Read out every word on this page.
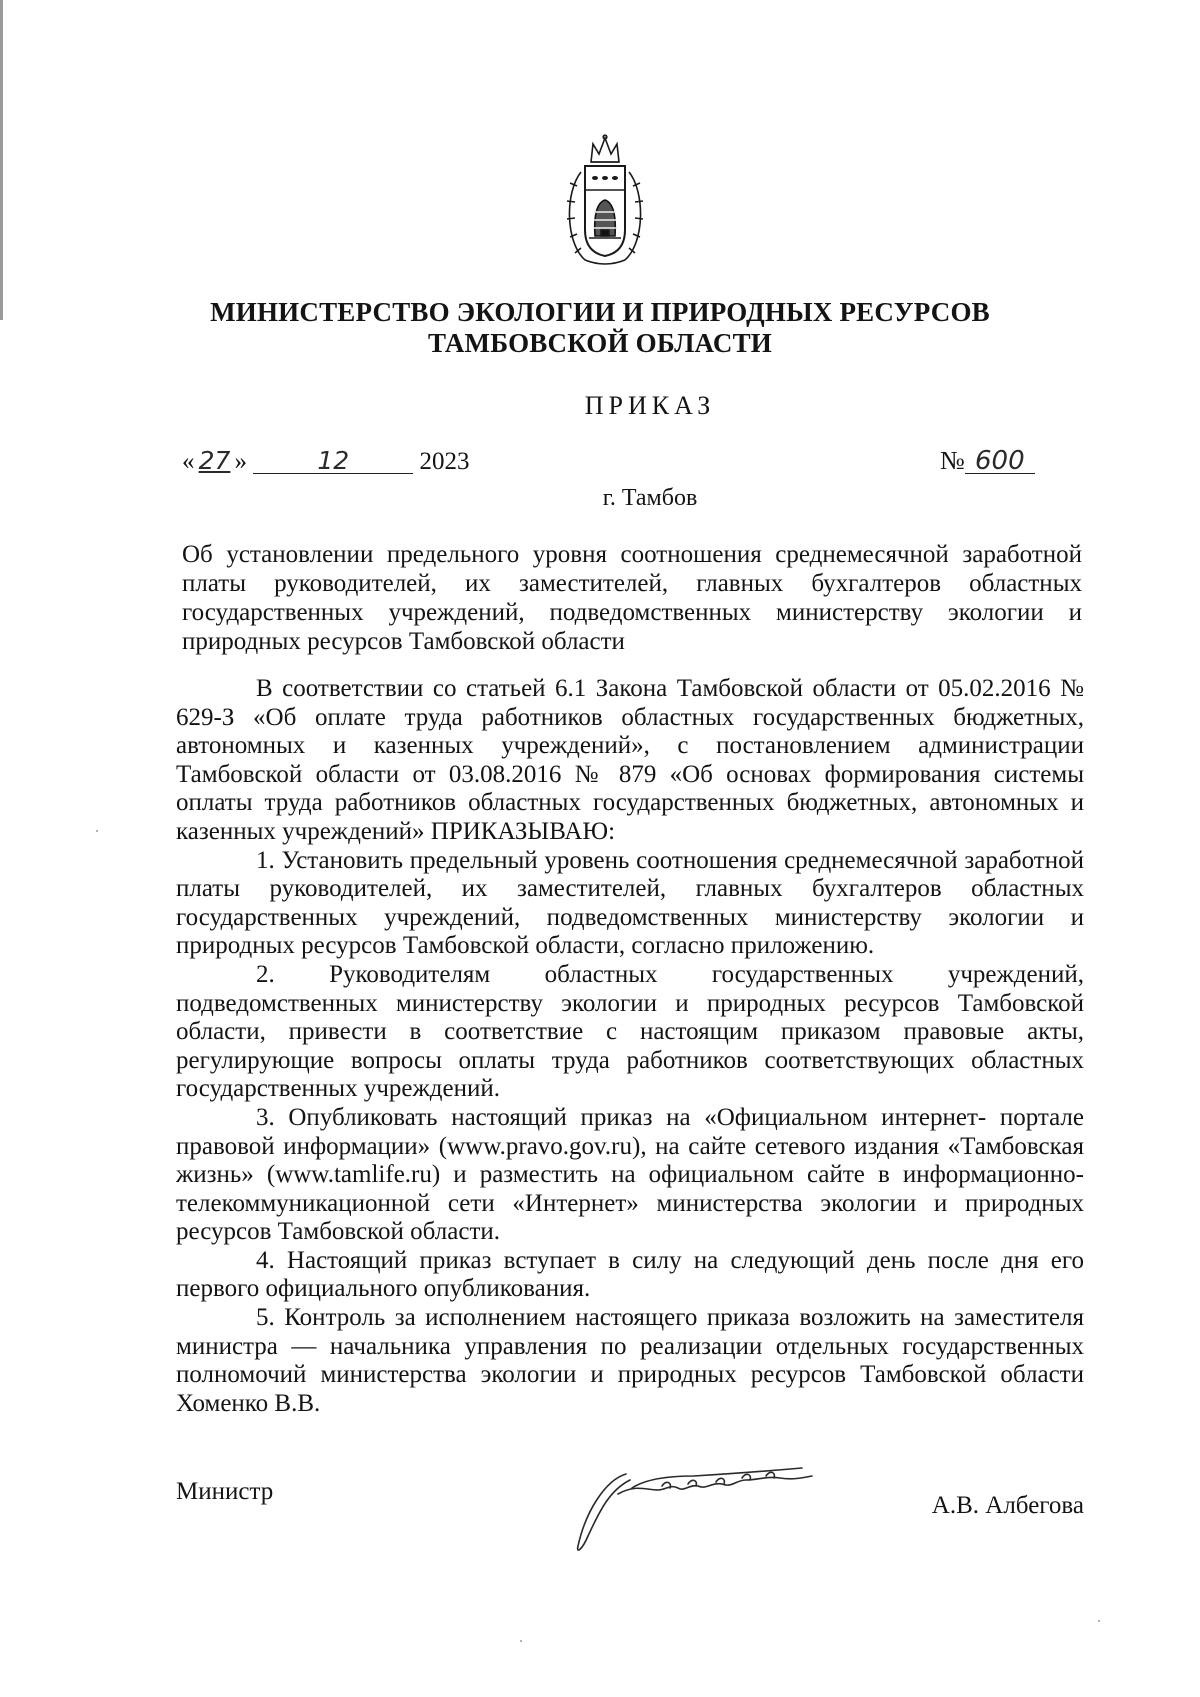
МИНИСТЕРСТВО ЭКОЛОГИИ И ПРИРОДНЫХ РЕСУРСОВ
ТАМБОВСКОЙ ОБЛАСТИ
ПРИКАЗ
« 27 »	12	2023	№ 600
г. Тамбов
Об установлении предельного уровня соотношения среднемесячной заработной платы руководителей, их заместителей, главных бухгалтеров областных государственных учреждений, подведомственных министерству экологии и природных ресурсов Тамбовской области

В соответствии со статьей 6.1 Закона Тамбовской области от 05.02.2016 № 629-З «Об оплате труда работников областных государственных бюджетных, автономных и казенных учреждений», с постановлением администрации Тамбовской области от 03.08.2016 № 879 «Об основах формирования системы оплаты труда работников областных государственных бюджетных, автономных и казенных учреждений» ПРИКАЗЫВАЮ:

1. Установить предельный уровень соотношения среднемесячной заработной платы руководителей, их заместителей, главных бухгалтеров областных государственных учреждений, подведомственных министерству экологии и природных ресурсов Тамбовской области, согласно приложению.

2. Руководителям областных государственных учреждений, подведомственных министерству экологии и природных ресурсов Тамбовской области, привести в соответствие с настоящим приказом правовые акты, регулирующие вопросы оплаты труда работников соответствующих областных государственных учреждений.

3. Опубликовать настоящий приказ на «Официальном интернет- портале правовой информации» (www.pravo.gov.ru), на сайте сетевого издания «Тамбовская жизнь» (www.tamlife.ru) и разместить на официальном сайте в информационно-телекоммуникационной сети «Интернет» министерства экологии и природных ресурсов Тамбовской области.

4. Настоящий приказ вступает в силу на следующий день после дня его первого официального опубликования.

5. Контроль за исполнением настоящего приказа возложить на заместителя министра — начальника управления по реализации отдельных государственных полномочий министерства экологии и природных ресурсов Тамбовской области Хоменко В.В.

Министр
А.В. Албегова
